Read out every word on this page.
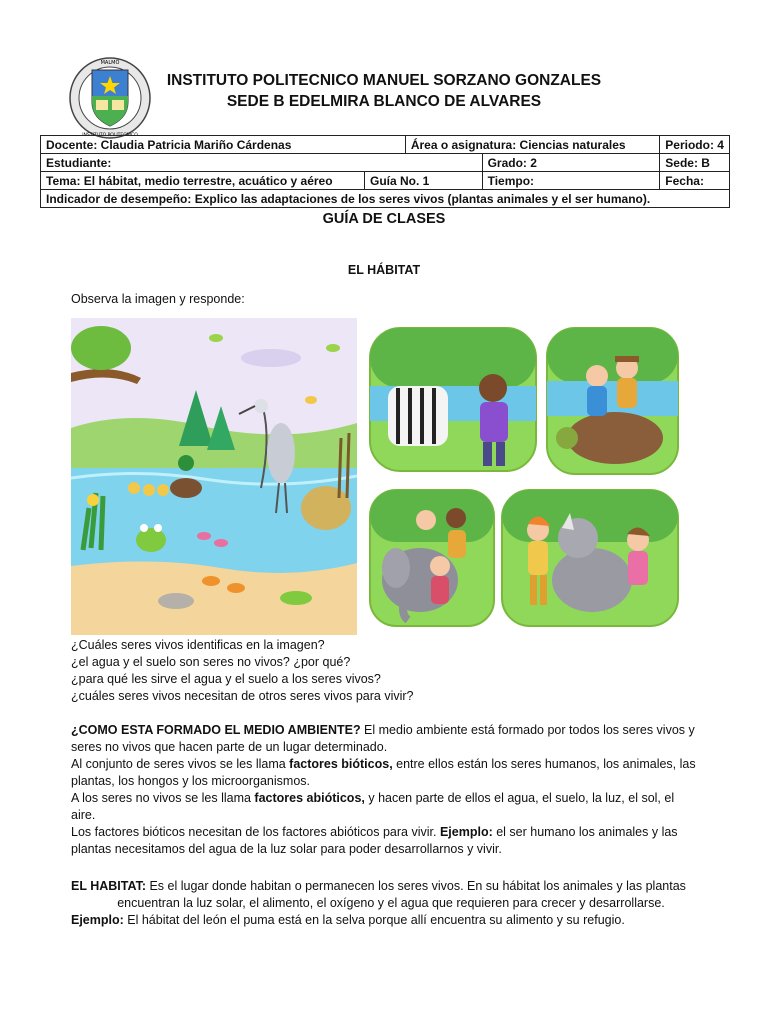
MALMÖ
INSTITUTO POLITECNICO
INSTITUTO POLITECNICO MANUEL SORZANO GONZALES
SEDE B EDELMIRA BLANCO DE ALVARES
Docente: Claudia Patricia Mariño Cárdenas		Área o asignatura: Ciencias naturales		Periodo: 4
Estudiante:			Grado: 2	Sede: B
Tema: El hábitat, medio terrestre, acuático y aéreo	Guía No. 1		Tiempo:	Fecha:
Indicador de desempeño: Explico las adaptaciones de los seres vivos (plantas animales y el ser humano).				
GUÍA DE CLASES
EL HÁBITAT
Observa la imagen y responde:
¿Cuáles seres vivos identificas en la imagen?
¿el agua y el suelo son seres no vivos? ¿por qué?
¿para qué les sirve el agua y el suelo a los seres vivos?
¿cuáles seres vivos necesitan de otros seres vivos para vivir?
¿COMO ESTA FORMADO EL MEDIO AMBIENTE? El medio ambiente está formado por todos los seres vivos y seres no vivos que hacen parte de un lugar determinado.
Al conjunto de seres vivos se les llama factores bióticos, entre ellos están los seres humanos, los animales, las plantas, los hongos y los microorganismos.
A los seres no vivos se les llama factores abióticos, y hacen parte de ellos el agua, el suelo, la luz, el sol, el aire.
Los factores bióticos necesitan de los factores abióticos para vivir. Ejemplo: el ser humano los animales y las plantas necesitamos del agua de la luz solar para poder desarrollarnos y vivir.
EL HABITAT: Es el lugar donde habitan o permanecen los seres vivos. En su hábitat los animales y las plantas
encuentran la luz solar, el alimento, el oxígeno y el agua que requieren para crecer y desarrollarse.
Ejemplo: El hábitat del león el puma está en la selva porque allí encuentra su alimento y su refugio.
